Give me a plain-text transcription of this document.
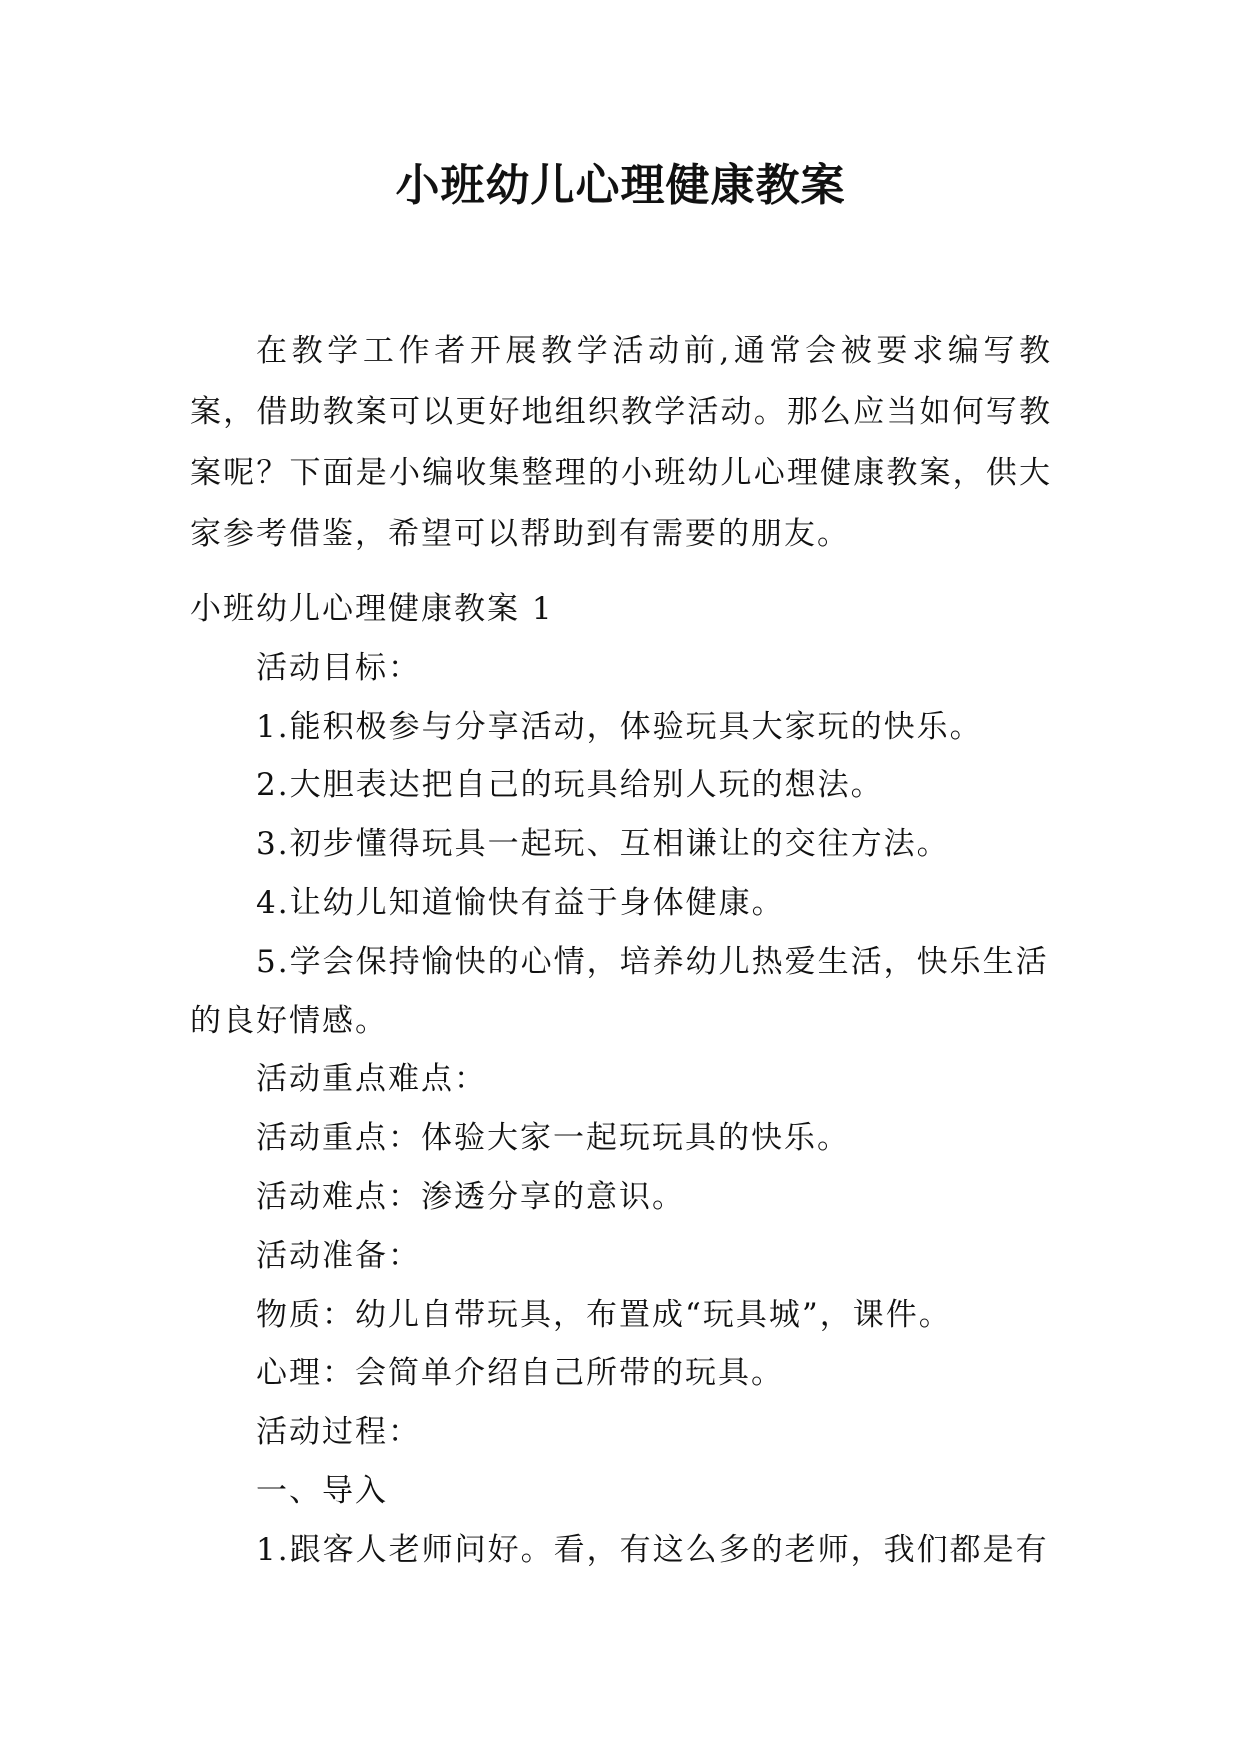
小班幼儿心理健康教案

在教学工作者开展教学活动前,通常会被要求编写教案，借助教案可以更好地组织教学活动。那么应当如何写教案呢？下面是小编收集整理的小班幼儿心理健康教案，供大家参考借鉴，希望可以帮助到有需要的朋友。

小班幼儿心理健康教案 1
活动目标：
1.能积极参与分享活动，体验玩具大家玩的快乐。
2.大胆表达把自己的玩具给别人玩的想法。
3.初步懂得玩具一起玩、互相谦让的交往方法。
4.让幼儿知道愉快有益于身体健康。
5.学会保持愉快的心情，培养幼儿热爱生活，快乐生活
的良好情感。
活动重点难点：
活动重点：体验大家一起玩玩具的快乐。
活动难点：渗透分享的意识。
活动准备：
物质：幼儿自带玩具，布置成“玩具城”，课件。
心理：会简单介绍自己所带的玩具。
活动过程：
一、导入
1.跟客人老师问好。看，有这么多的老师，我们都是有
